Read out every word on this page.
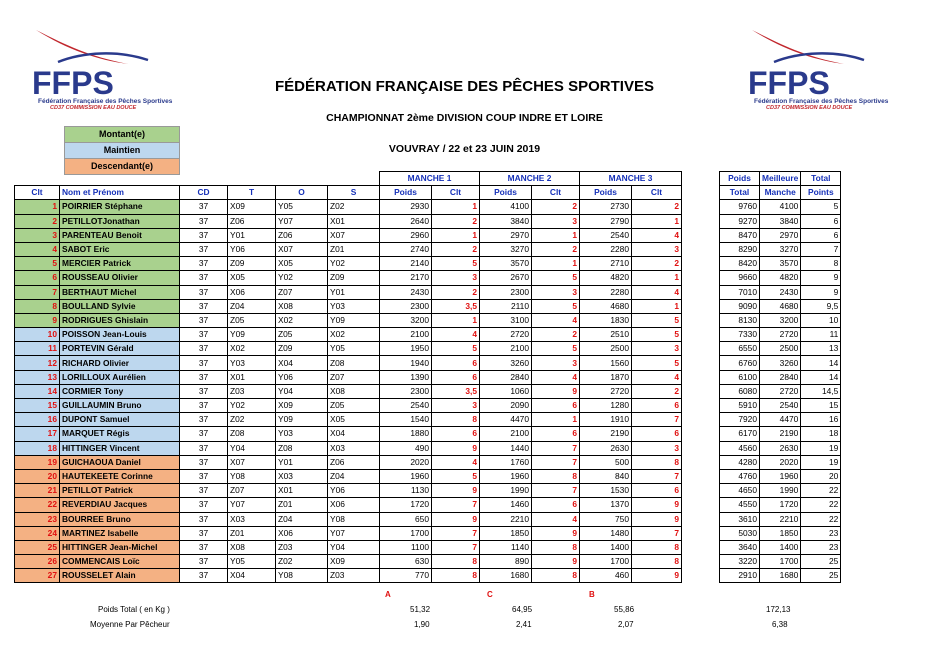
FFPS
Fédération Française des Pêches Sportives
CD37 COMMISSION EAU DOUCE
FFPS
Fédération Française des Pêches Sportives
CD37 COMMISSION EAU DOUCE
FÉDÉRATION FRANÇAISE DES PÊCHES SPORTIVES
CHAMPIONNAT 2ème DIVISION COUP INDRE ET LOIRE
VOUVRAY / 22 et 23 JUIN 2019
Montant(e)
Maintien
Descendant(e)
						MANCHE 1		MANCHE 2		MANCHE 3			Poids	Meilleure	Total
Clt	Nom et Prénom	CD	T	O	S	Poids	Clt	Poids	Clt	Poids	Clt		Total	Manche	Points
1	POIRRIER Stéphane	37	X09	Y05	Z02	2930	1	4100	2	2730	2		9760	4100	5
2	PETILLOTJonathan	37	Z06	Y07	X01	2640	2	3840	3	2790	1		9270	3840	6
3	PARENTEAU Benoit	37	Y01	Z06	X07	2960	1	2970	1	2540	4		8470	2970	6
4	SABOT Eric	37	Y06	X07	Z01	2740	2	3270	2	2280	3		8290	3270	7
5	MERCIER Patrick	37	Z09	X05	Y02	2140	5	3570	1	2710	2		8420	3570	8
6	ROUSSEAU Olivier	37	X05	Y02	Z09	2170	3	2670	5	4820	1		9660	4820	9
7	BERTHAUT Michel	37	X06	Z07	Y01	2430	2	2300	3	2280	4		7010	2430	9
8	BOULLAND Sylvie	37	Z04	X08	Y03	2300	3,5	2110	5	4680	1		9090	4680	9,5
9	RODRIGUES Ghislain	37	Z05	X02	Y09	3200	1	3100	4	1830	5		8130	3200	10
10	POISSON Jean-Louis	37	Y09	Z05	X02	2100	4	2720	2	2510	5		7330	2720	11
11	PORTEVIN Gérald	37	X02	Z09	Y05	1950	5	2100	5	2500	3		6550	2500	13
12	RICHARD Olivier	37	Y03	X04	Z08	1940	6	3260	3	1560	5		6760	3260	14
13	LORILLOUX Aurélien	37	X01	Y06	Z07	1390	6	2840	4	1870	4		6100	2840	14
14	CORMIER Tony	37	Z03	Y04	X08	2300	3,5	1060	9	2720	2		6080	2720	14,5
15	GUILLAUMIN Bruno	37	Y02	X09	Z05	2540	3	2090	6	1280	6		5910	2540	15
16	DUPONT Samuel	37	Z02	Y09	X05	1540	8	4470	1	1910	7		7920	4470	16
17	MARQUET Régis	37	Z08	Y03	X04	1880	6	2100	6	2190	6		6170	2190	18
18	HITTINGER Vincent	37	Y04	Z08	X03	490	9	1440	7	2630	3		4560	2630	19
19	GUICHAOUA Daniel	37	X07	Y01	Z06	2020	4	1760	7	500	8		4280	2020	19
20	HAUTEKEETE Corinne	37	Y08	X03	Z04	1960	5	1960	8	840	7		4760	1960	20
21	PETILLOT Patrick	37	Z07	X01	Y06	1130	9	1990	7	1530	6		4650	1990	22
22	REVERDIAU Jacques	37	Y07	Z01	X06	1720	7	1460	6	1370	9		4550	1720	22
23	BOURREE Bruno	37	X03	Z04	Y08	650	9	2210	4	750	9		3610	2210	22
24	MARTINEZ Isabelle	37	Z01	X06	Y07	1700	7	1850	9	1480	7		5030	1850	23
25	HITTINGER Jean-Michel	37	X08	Z03	Y04	1100	7	1140	8	1400	8		3640	1400	23
26	COMMENCAIS Loïc	37	Y05	Z02	X09	630	8	890	9	1700	8		3220	1700	25
27	ROUSSELET Alain	37	X04	Y08	Z03	770	8	1680	8	460	9		2910	1680	25
A	C	B
Poids Total ( en Kg )	51,32	64,95	55,86	172,13
Moyenne Par Pêcheur	1,90	2,41	2,07	6,38
